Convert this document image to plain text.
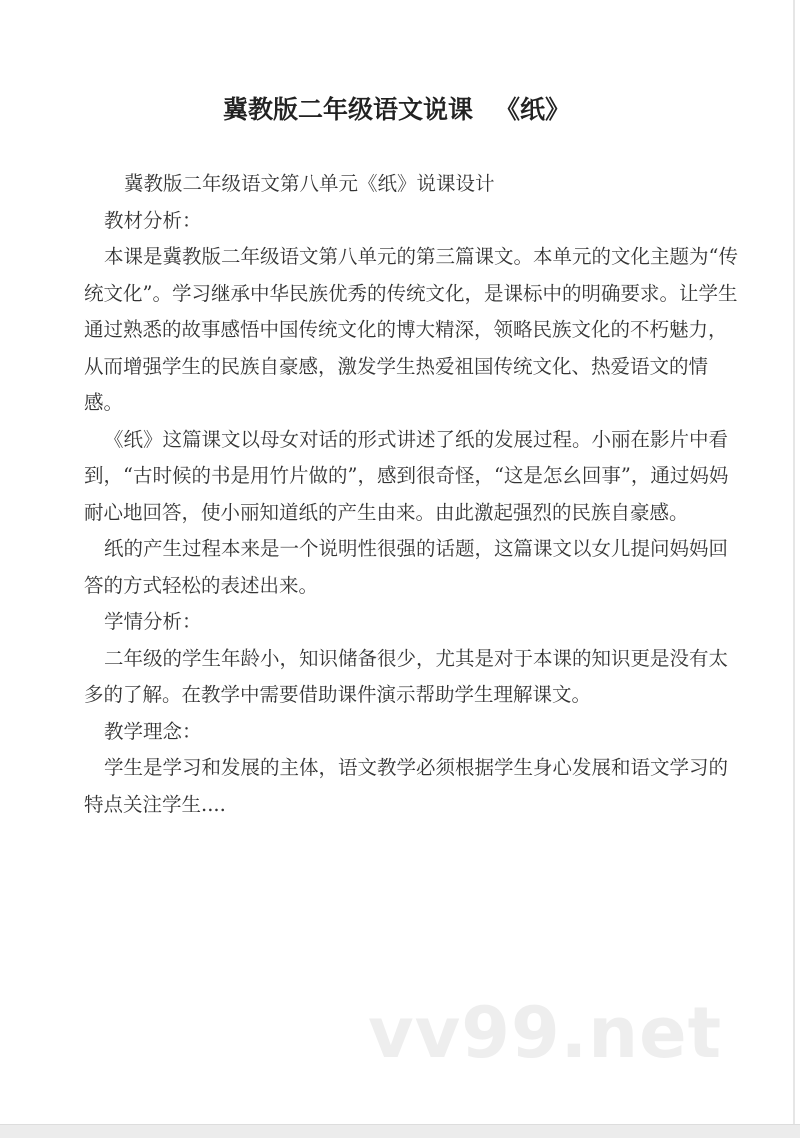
冀教版二年级语文说课 《纸》
冀教版二年级语文第八单元《纸》说课设计
教材分析：
本课是冀教版二年级语文第八单元的第三篇课文。本单元的文化主题为“传
统文化”。学习继承中华民族优秀的传统文化，是课标中的明确要求。让学生
通过熟悉的故事感悟中国传统文化的博大精深，领略民族文化的不朽魅力，
从而增强学生的民族自豪感，激发学生热爱祖国传统文化、热爱语文的情
感。
《纸》这篇课文以母女对话的形式讲述了纸的发展过程。小丽在影片中看
到，“古时候的书是用竹片做的”，感到很奇怪，“这是怎幺回事”，通过妈妈
耐心地回答，使小丽知道纸的产生由来。由此激起强烈的民族自豪感。
纸的产生过程本来是一个说明性很强的话题，这篇课文以女儿提问妈妈回
答的方式轻松的表述出来。
学情分析：
二年级的学生年龄小，知识储备很少，尤其是对于本课的知识更是没有太
多的了解。在教学中需要借助课件演示帮助学生理解课文。
教学理念：
学生是学习和发展的主体，语文教学必须根据学生身心发展和语文学习的
特点关注学生....
vv99.net
